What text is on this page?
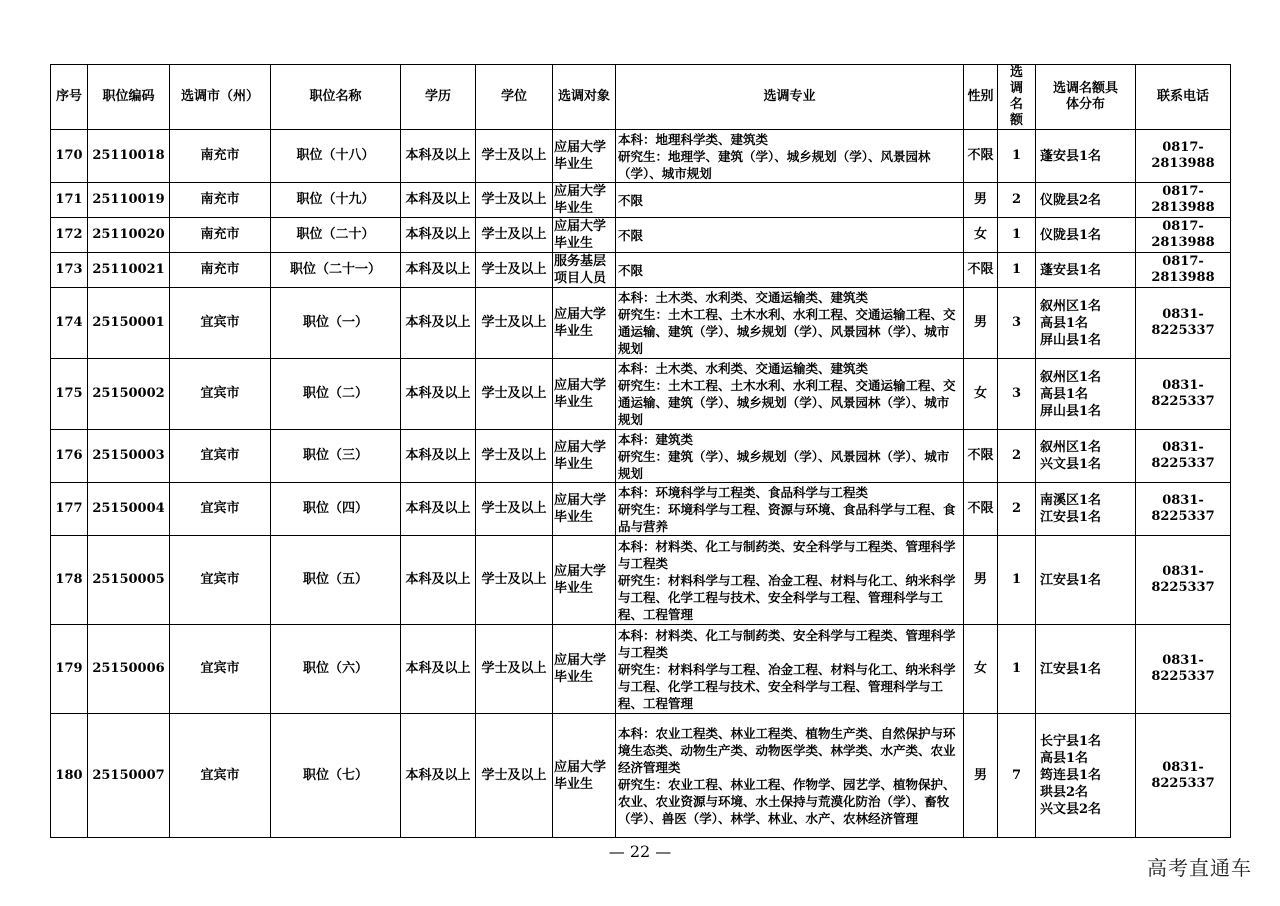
序号	职位编码	选调市（州）	职位名称	学历	学位	选调对象	选调专业	性别	选调名额	选调名额具体分布	联系电话
170	25110018	南充市	职位（十八）	本科及以上	学士及以上	应届大学毕业生	本科：地理科学类、建筑类
研究生：地理学、建筑（学）、城乡规划（学）、风景园林（学）、城市规划	不限	1	蓬安县1名	0817-2813988
171	25110019	南充市	职位（十九）	本科及以上	学士及以上	应届大学毕业生	不限	男	2	仪陇县2名	0817-2813988
172	25110020	南充市	职位（二十）	本科及以上	学士及以上	应届大学毕业生	不限	女	1	仪陇县1名	0817-2813988
173	25110021	南充市	职位（二十一）	本科及以上	学士及以上	服务基层项目人员	不限	不限	1	蓬安县1名	0817-2813988
174	25150001	宜宾市	职位（一）	本科及以上	学士及以上	应届大学毕业生	本科：土木类、水利类、交通运输类、建筑类
研究生：土木工程、土木水利、水利工程、交通运输工程、交通运输、建筑（学）、城乡规划（学）、风景园林（学）、城市规划	男	3	叙州区1名
高县1名
屏山县1名	0831-8225337
175	25150002	宜宾市	职位（二）	本科及以上	学士及以上	应届大学毕业生	本科：土木类、水利类、交通运输类、建筑类
研究生：土木工程、土木水利、水利工程、交通运输工程、交通运输、建筑（学）、城乡规划（学）、风景园林（学）、城市规划	女	3	叙州区1名
高县1名
屏山县1名	0831-8225337
176	25150003	宜宾市	职位（三）	本科及以上	学士及以上	应届大学毕业生	本科：建筑类
研究生：建筑（学）、城乡规划（学）、风景园林（学）、城市规划	不限	2	叙州区1名
兴文县1名	0831-8225337
177	25150004	宜宾市	职位（四）	本科及以上	学士及以上	应届大学毕业生	本科：环境科学与工程类、食品科学与工程类
研究生：环境科学与工程、资源与环境、食品科学与工程、食品与营养	不限	2	南溪区1名
江安县1名	0831-8225337
178	25150005	宜宾市	职位（五）	本科及以上	学士及以上	应届大学毕业生	本科：材料类、化工与制药类、安全科学与工程类、管理科学与工程类
研究生：材料科学与工程、冶金工程、材料与化工、纳米科学与工程、化学工程与技术、安全科学与工程、管理科学与工程、工程管理	男	1	江安县1名	0831-8225337
179	25150006	宜宾市	职位（六）	本科及以上	学士及以上	应届大学毕业生	本科：材料类、化工与制药类、安全科学与工程类、管理科学与工程类
研究生：材料科学与工程、冶金工程、材料与化工、纳米科学与工程、化学工程与技术、安全科学与工程、管理科学与工程、工程管理	女	1	江安县1名	0831-8225337
180	25150007	宜宾市	职位（七）	本科及以上	学士及以上	应届大学毕业生	本科：农业工程类、林业工程类、植物生产类、自然保护与环境生态类、动物生产类、动物医学类、林学类、水产类、农业经济管理类
研究生：农业工程、林业工程、作物学、园艺学、植物保护、农业、农业资源与环境、水土保持与荒漠化防治（学）、畜牧（学）、兽医（学）、林学、林业、水产、农林经济管理	男	7	长宁县1名
高县1名
筠连县1名
珙县2名
兴文县2名	0831-8225337
— 22 —
高考直通车
